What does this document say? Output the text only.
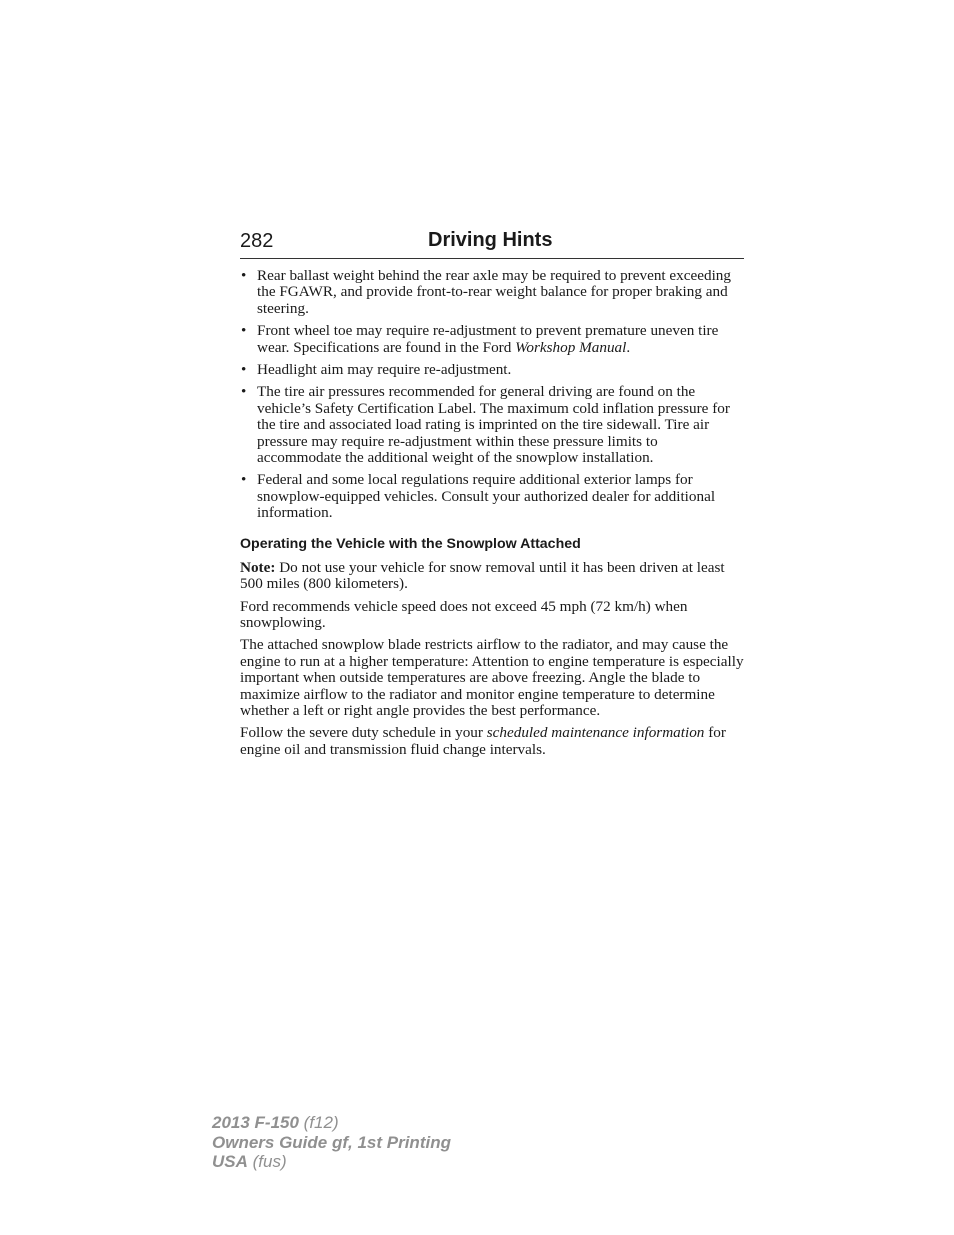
282	Driving Hints
• Rear ballast weight behind the rear axle may be required to prevent exceeding the FGAWR, and provide front-to-rear weight balance for proper braking and steering.
• Front wheel toe may require re-adjustment to prevent premature uneven tire wear. Specifications are found in the Ford Workshop Manual.
• Headlight aim may require re-adjustment.
• The tire air pressures recommended for general driving are found on the vehicle’s Safety Certification Label. The maximum cold inflation pressure for the tire and associated load rating is imprinted on the tire sidewall. Tire air pressure may require re-adjustment within these pressure limits to accommodate the additional weight of the snowplow installation.
• Federal and some local regulations require additional exterior lamps for snowplow-equipped vehicles. Consult your authorized dealer for additional information.
Operating the Vehicle with the Snowplow Attached

Note: Do not use your vehicle for snow removal until it has been driven at least 500 miles (800 kilometers).

Ford recommends vehicle speed does not exceed 45 mph (72 km/h) when snowplowing.

The attached snowplow blade restricts airflow to the radiator, and may cause the engine to run at a higher temperature: Attention to engine temperature is especially important when outside temperatures are above freezing. Angle the blade to maximize airflow to the radiator and monitor engine temperature to determine whether a left or right angle provides the best performance.

Follow the severe duty schedule in your scheduled maintenance information for engine oil and transmission fluid change intervals.

2013 F-150 (f12)
Owners Guide gf, 1st Printing
USA (fus)
